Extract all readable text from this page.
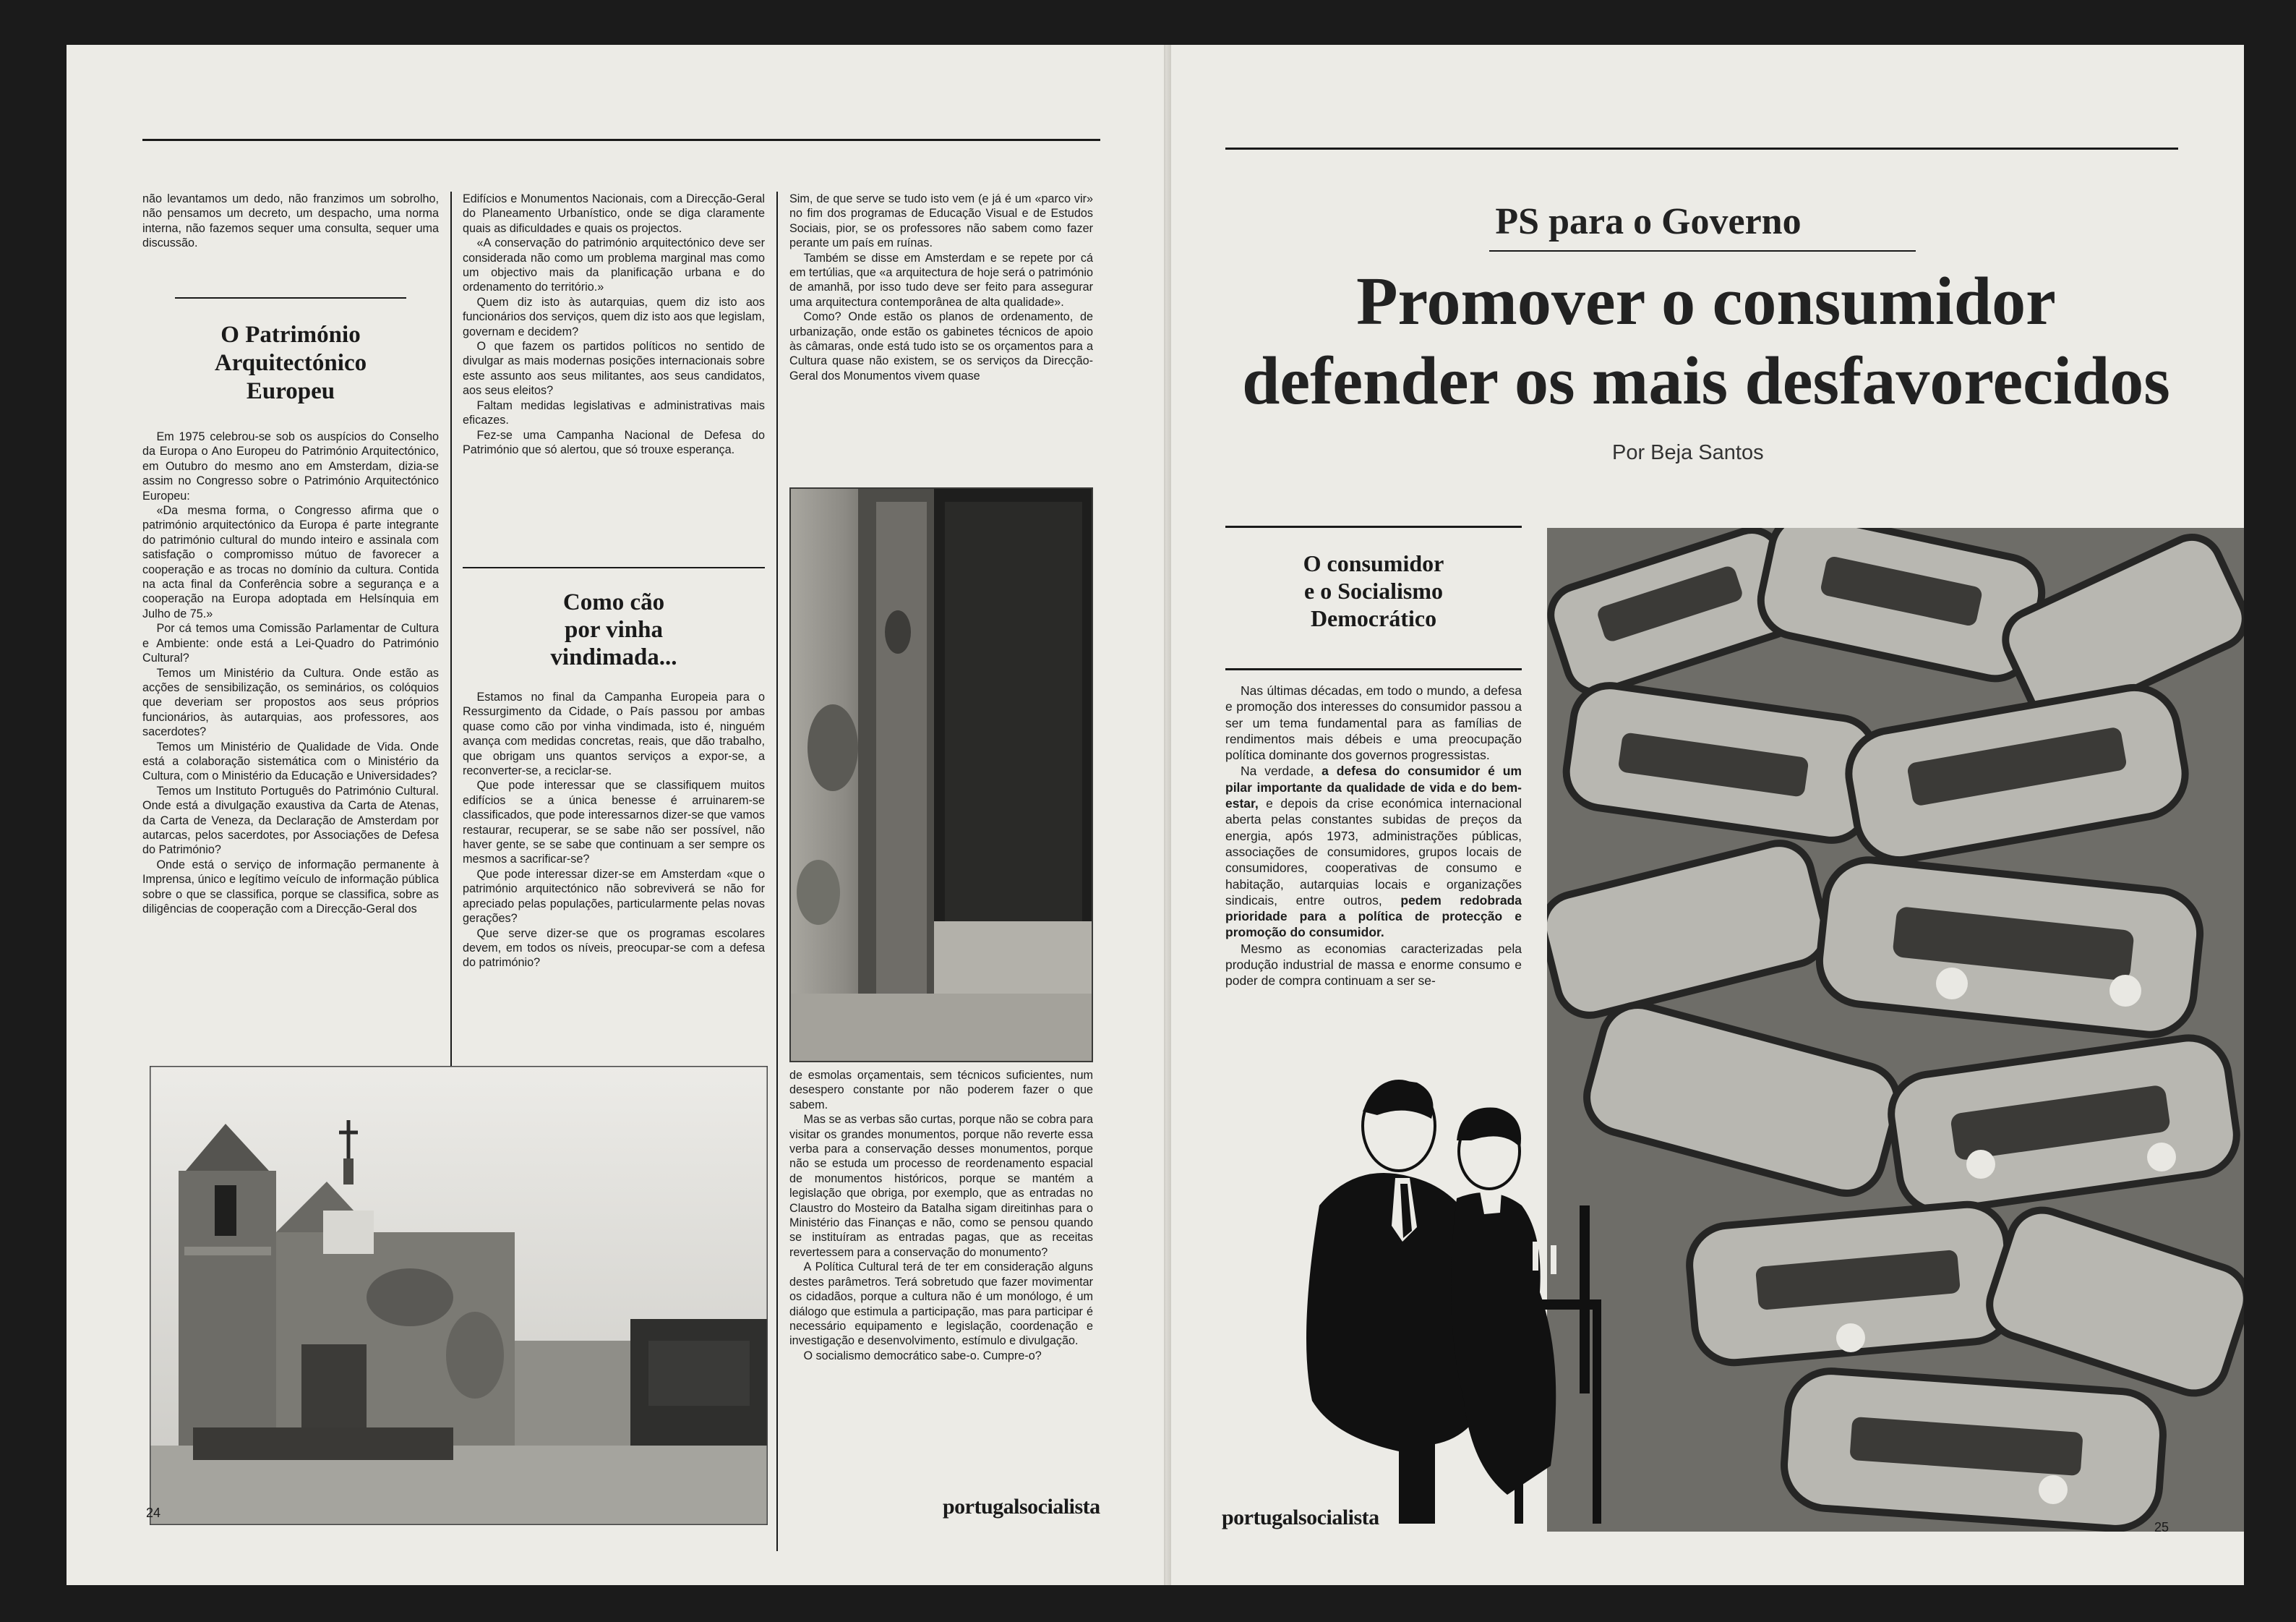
não levantamos um dedo, não franzimos um sobrolho, não pensamos um decreto, um despacho, uma norma interna, não fazemos sequer uma consulta, sequer uma discussão.

O Património
Arquitectónico
Europeu

Em 1975 celebrou-se sob os auspícios do Conselho da Europa o Ano Europeu do Património Arquitectónico, em Outubro do mesmo ano em Amsterdam, dizia-se assim no Congresso sobre o Património Arquitectónico Europeu:

«Da mesma forma, o Congresso afirma que o património arquitectónico da Europa é parte integrante do património cultural do mundo inteiro e assinala com satisfação o compromisso mútuo de favorecer a cooperação e as trocas no domínio da cultura. Contida na acta final da Conferência sobre a segurança e a cooperação na Europa adoptada em Helsínquia em Julho de 75.»

Por cá temos uma Comissão Parlamentar de Cultura e Ambiente: onde está a Lei-Quadro do Património Cultural?

Temos um Ministério da Cultura. Onde estão as acções de sensibilização, os seminários, os colóquios que deveriam ser propostos aos seus próprios funcionários, às autarquias, aos professores, aos sacerdotes?

Temos um Ministério de Qualidade de Vida. Onde está a colaboração sistemática com o Ministério da Cultura, com o Ministério da Educação e Universidades?

Temos um Instituto Português do Património Cultural. Onde está a divulgação exaustiva da Carta de Atenas, da Carta de Veneza, da Declaração de Amsterdam por autarcas, pelos sacerdotes, por Associações de Defesa do Património?

Onde está o serviço de informação permanente à Imprensa, único e legítimo veículo de informação pública sobre o que se classifica, porque se classifica, sobre as diligências de cooperação com a Direcção-Geral dos

Edifícios e Monumentos Nacionais, com a Direcção-Geral do Planeamento Urbanístico, onde se diga claramente quais as dificuldades e quais os projectos.

«A conservação do património arquitectónico deve ser considerada não como um problema marginal mas como um objectivo mais da planificação urbana e do ordenamento do território.»

Quem diz isto às autarquias, quem diz isto aos funcionários dos serviços, quem diz isto aos que legislam, governam e decidem?

O que fazem os partidos políticos no sentido de divulgar as mais modernas posições internacionais sobre este assunto aos seus militantes, aos seus candidatos, aos seus eleitos?

Faltam medidas legislativas e administrativas mais eficazes.

Fez-se uma Campanha Nacional de Defesa do Património que só alertou, que só trouxe esperança.

Como cão
por vinha
vindimada...

Estamos no final da Campanha Europeia para o Ressurgimento da Cidade, o País passou por ambas quase como cão por vinha vindimada, isto é, ninguém avança com medidas concretas, reais, que dão trabalho, que obrigam uns quantos serviços a expor-se, a reconverter-se, a reciclar-se.

Que pode interessar que se classifiquem muitos edifícios se a única benesse é arruinarem-se classificados, que pode interessarnos dizer-se que vamos restaurar, recuperar, se se sabe não ser possível, não haver gente, se se sabe que continuam a ser sempre os mesmos a sacrificar-se?

Que pode interessar dizer-se em Amsterdam «que o património arquitectónico não sobreviverá se não for apreciado pelas populações, particularmente pelas novas gerações?

Que serve dizer-se que os programas escolares devem, em todos os níveis, preocupar-se com a defesa do património?

Sim, de que serve se tudo isto vem (e já é um «parco vir» no fim dos programas de Educação Visual e de Estudos Sociais, pior, se os professores não sabem como fazer perante um país em ruínas.

Também se disse em Amsterdam e se repete por cá em tertúlias, que «a arquitectura de hoje será o património de amanhã, por isso tudo deve ser feito para assegurar uma arquitectura contemporânea de alta qualidade».

Como? Onde estão os planos de ordenamento, de urbanização, onde estão os gabinetes técnicos de apoio às câmaras, onde está tudo isto se os orçamentos para a Cultura quase não existem, se os serviços da Direcção-Geral dos Monumentos vivem quase

de esmolas orçamentais, sem técnicos suficientes, num desespero constante por não poderem fazer o que sabem.

Mas se as verbas são curtas, porque não se cobra para visitar os grandes monumentos, porque não reverte essa verba para a conservação desses monumentos, porque não se estuda um processo de reordenamento espacial de monumentos históricos, porque se mantém a legislação que obriga, por exemplo, que as entradas no Claustro do Mosteiro da Batalha sigam direitinhas para o Ministério das Finanças e não, como se pensou quando se instituíram as entradas pagas, que as receitas revertessem para a conservação do monumento?

A Política Cultural terá de ter em consideração alguns destes parâmetros. Terá sobretudo que fazer movimentar os cidadãos, porque a cultura não é um monólogo, é um diálogo que estimula a participação, mas para participar é necessário equipamento e legislação, coordenação e investigação e desenvolvimento, estímulo e divulgação.

O socialismo democrático sabe-o. Cumpre-o?

24	portugalsocialista
PS para o Governo
Promover o consumidor
defender os mais desfavorecidos
Por Beja Santos
O consumidor
e o Socialismo
Democrático

Nas últimas décadas, em todo o mundo, a defesa e promoção dos interesses do consumidor passou a ser um tema fundamental para as famílias de rendimentos mais débeis e uma preocupação política dominante dos governos progressistas.

Na verdade, a defesa do consumidor é um pilar importante da qualidade de vida e do bem-estar, e depois da crise económica internacional aberta pelas constantes subidas de preços da energia, após 1973, administrações públicas, associações de consumidores, grupos locais de consumidores, cooperativas de consumo e habitação, autarquias locais e organizações sindicais, entre outros, pedem redobrada prioridade para a política de protecção e promoção do consumidor.

Mesmo as economias caracterizadas pela produção industrial de massa e enorme consumo e poder de compra continuam a ser se-

portugalsocialista	25
